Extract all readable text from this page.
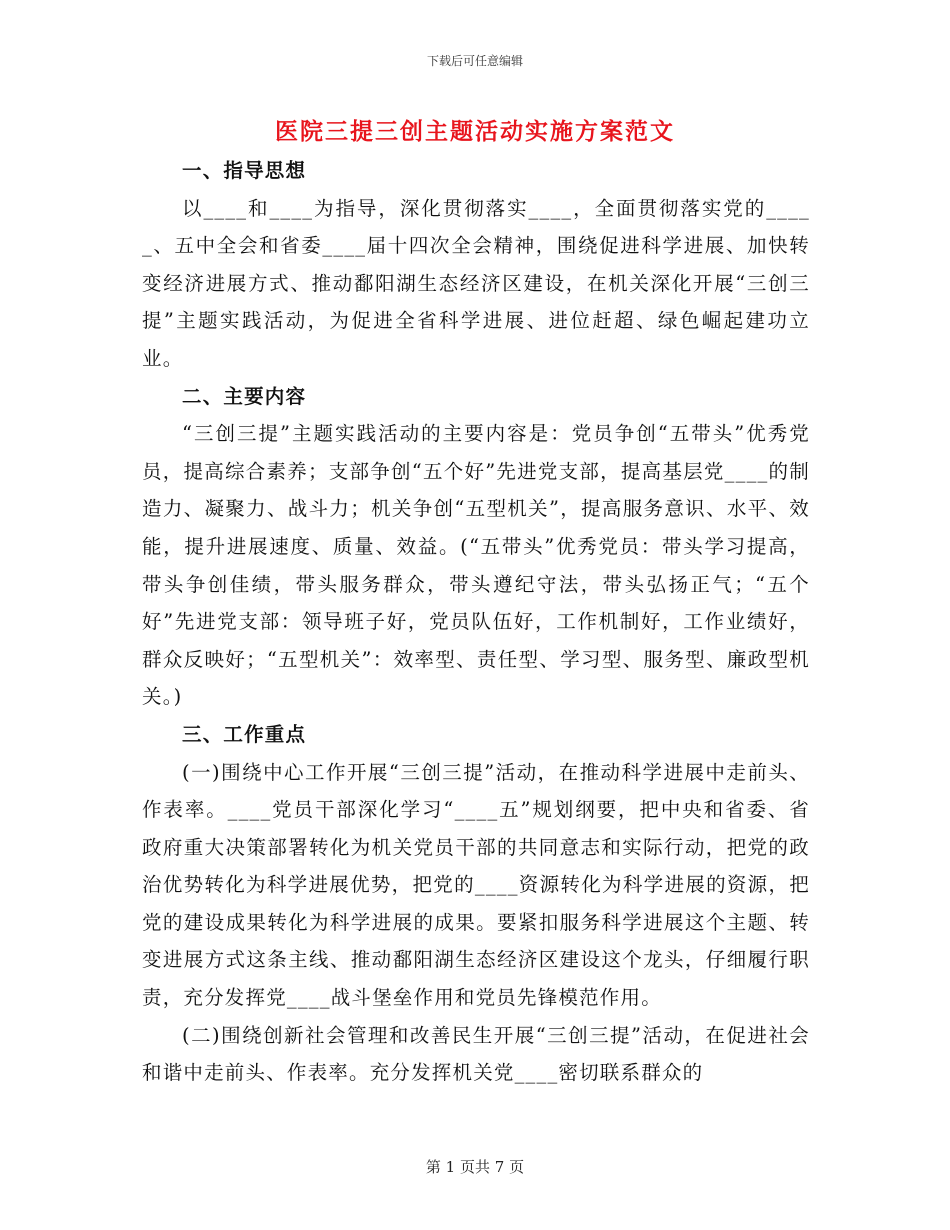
下载后可任意编辑
医院三提三创主题活动实施方案范文

一、指导思想

以____和____为指导，深化贯彻落实____，全面贯彻落实党的_____、五中全会和省委____届十四次全会精神，围绕促进科学进展、加快转变经济进展方式、推动鄱阳湖生态经济区建设，在机关深化开展“三创三提”主题实践活动，为促进全省科学进展、进位赶超、绿色崛起建功立业。

二、主要内容

“三创三提”主题实践活动的主要内容是：党员争创“五带头”优秀党员，提高综合素养；支部争创“五个好”先进党支部，提高基层党____的制造力、凝聚力、战斗力；机关争创“五型机关”，提高服务意识、水平、效能，提升进展速度、质量、效益。(“五带头”优秀党员：带头学习提高，带头争创佳绩，带头服务群众，带头遵纪守法，带头弘扬正气；“五个好”先进党支部：领导班子好，党员队伍好，工作机制好，工作业绩好，群众反映好；“五型机关”：效率型、责任型、学习型、服务型、廉政型机关。)

三、工作重点

(一)围绕中心工作开展“三创三提”活动，在推动科学进展中走前头、作表率。____党员干部深化学习“____五”规划纲要，把中央和省委、省政府重大决策部署转化为机关党员干部的共同意志和实际行动，把党的政治优势转化为科学进展优势，把党的____资源转化为科学进展的资源，把党的建设成果转化为科学进展的成果。要紧扣服务科学进展这个主题、转变进展方式这条主线、推动鄱阳湖生态经济区建设这个龙头，仔细履行职责，充分发挥党____战斗堡垒作用和党员先锋模范作用。

(二)围绕创新社会管理和改善民生开展“三创三提”活动，在促进社会和谐中走前头、作表率。充分发挥机关党____密切联系群众的

第 1 页共 7 页
